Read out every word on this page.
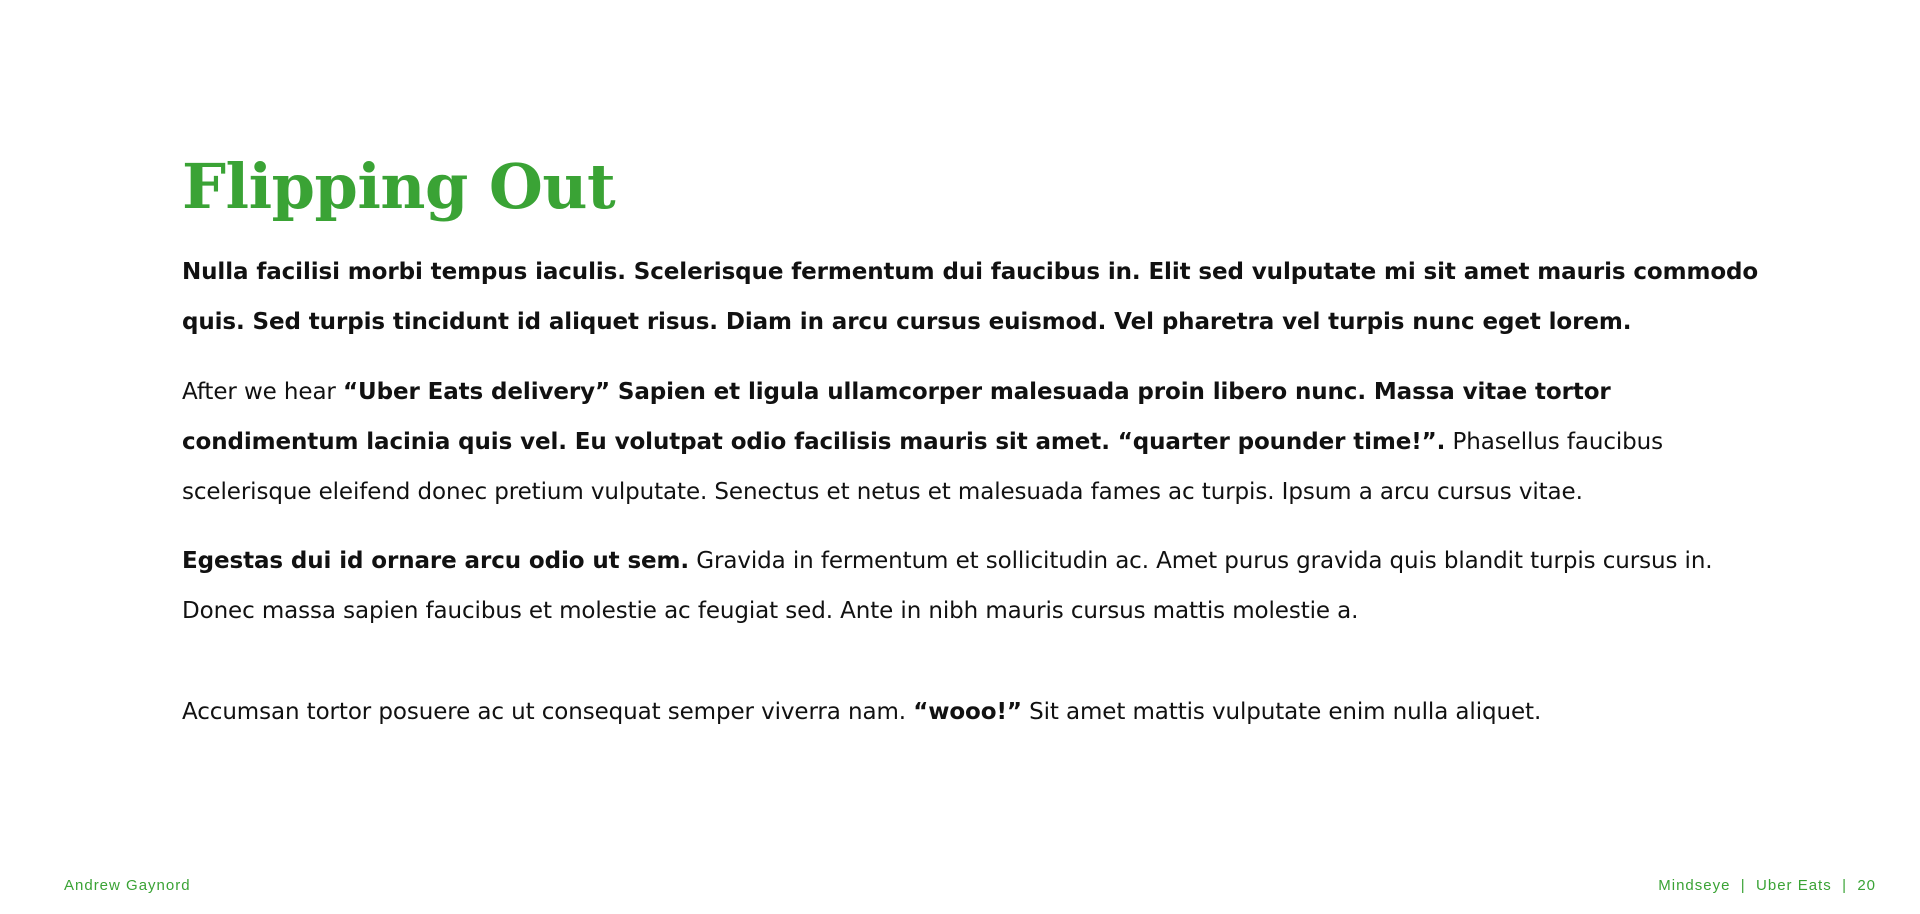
Flipping Out

Nulla facilisi morbi tempus iaculis. Scelerisque fermentum dui faucibus in. Elit sed vulputate mi sit amet mauris commodo quis. Sed turpis tincidunt id aliquet risus. Diam in arcu cursus euismod. Vel pharetra vel turpis nunc eget lorem.

After we hear “Uber Eats delivery” Sapien et ligula ullamcorper malesuada proin libero nunc. Massa vitae tortor condimentum lacinia quis vel. Eu volutpat odio facilisis mauris sit amet. “quarter pounder time!”. Phasellus faucibus scelerisque eleifend donec pretium vulputate. Senectus et netus et malesuada fames ac turpis. Ipsum a arcu cursus vitae.

Egestas dui id ornare arcu odio ut sem. Gravida in fermentum et sollicitudin ac. Amet purus gravida quis blandit turpis cursus in. Donec massa sapien faucibus et molestie ac feugiat sed. Ante in nibh mauris cursus mattis molestie a.

Accumsan tortor posuere ac ut consequat semper viverra nam. “wooo!” Sit amet mattis vulputate enim nulla aliquet.

Andrew Gaynord	Mindseye  |  Uber Eats  |  20
